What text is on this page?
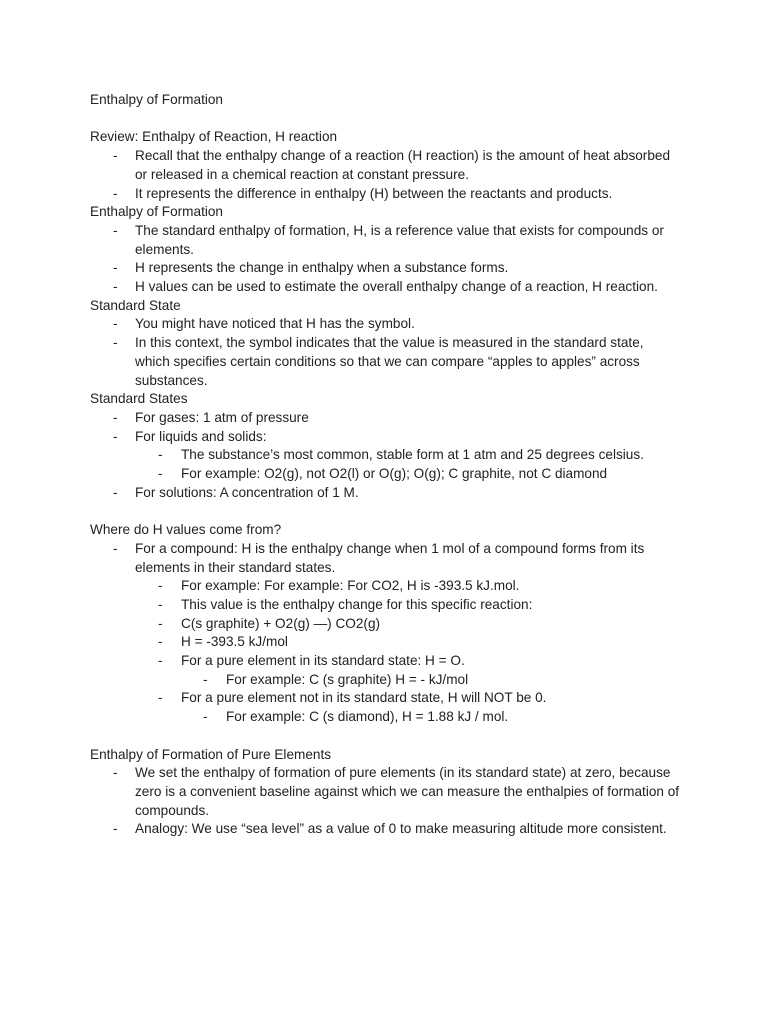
Enthalpy of Formation
Review: Enthalpy of Reaction, H reaction
- Recall that the enthalpy change of a reaction (H reaction) is the amount of heat absorbed or released in a chemical reaction at constant pressure.
- It represents the difference in enthalpy (H) between the reactants and products.
Enthalpy of Formation
- The standard enthalpy of formation, H, is a reference value that exists for compounds or elements.
- H represents the change in enthalpy when a substance forms.
- H values can be used to estimate the overall enthalpy change of a reaction, H reaction.
Standard State
- You might have noticed that H has the symbol.
- In this context, the symbol indicates that the value is measured in the standard state, which specifies certain conditions so that we can compare “apples to apples” across substances.
Standard States
- For gases: 1 atm of pressure
- For liquids and solids:
- The substance’s most common, stable form at 1 atm and 25 degrees celsius.
- For example: O2(g), not O2(l) or O(g); O(g); C graphite, not C diamond
- For solutions: A concentration of 1 M.
Where do H values come from?
- For a compound: H is the enthalpy change when 1 mol of a compound forms from its elements in their standard states.
- For example: For example: For CO2, H is -393.5 kJ.mol.
- This value is the enthalpy change for this specific reaction:
- C(s graphite) + O2(g) —) CO2(g)
- H = -393.5 kJ/mol
- For a pure element in its standard state: H = O.
- For example: C (s graphite) H = - kJ/mol
- For a pure element not in its standard state, H will NOT be 0.
- For example: C (s diamond), H = 1.88 kJ / mol.
Enthalpy of Formation of Pure Elements
- We set the enthalpy of formation of pure elements (in its standard state) at zero, because zero is a convenient baseline against which we can measure the enthalpies of formation of compounds.
- Analogy: We use “sea level” as a value of 0 to make measuring altitude more consistent.
